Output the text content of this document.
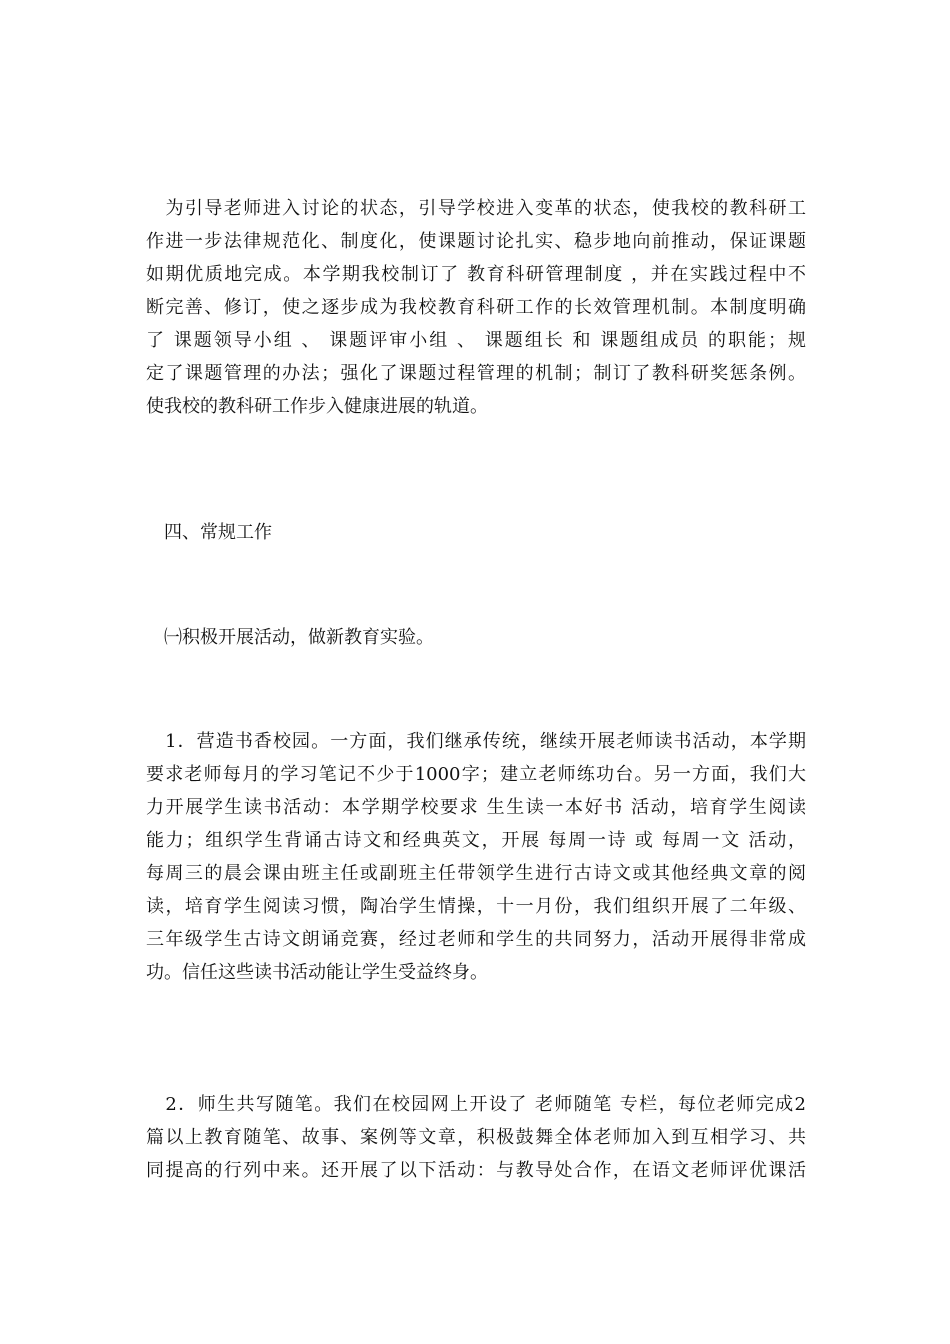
　为引导老师进入讨论的状态，引导学校进入变革的状态，使我校的教科研工
作进一步法律规范化、制度化，使课题讨论扎实、稳步地向前推动，保证课题
如期优质地完成。本学期我校制订了 教育科研管理制度 ，并在实践过程中不
断完善、修订，使之逐步成为我校教育科研工作的长效管理机制。本制度明确
了 课题领导小组 、 课题评审小组 、 课题组长 和 课题组成员 的职能；规
定了课题管理的办法；强化了课题过程管理的机制；制订了教科研奖惩条例。
使我校的教科研工作步入健康进展的轨道。
　四、常规工作
　㈠积极开展活动，做新教育实验。
　1．营造书香校园。一方面，我们继承传统，继续开展老师读书活动，本学期
要求老师每月的学习笔记不少于1000字；建立老师练功台。另一方面，我们大
力开展学生读书活动：本学期学校要求 生生读一本好书 活动，培育学生阅读
能力；组织学生背诵古诗文和经典英文，开展 每周一诗 或 每周一文 活动，
每周三的晨会课由班主任或副班主任带领学生进行古诗文或其他经典文章的阅
读，培育学生阅读习惯，陶冶学生情操，十一月份，我们组织开展了二年级、
三年级学生古诗文朗诵竞赛，经过老师和学生的共同努力，活动开展得非常成
功。信任这些读书活动能让学生受益终身。
　2．师生共写随笔。我们在校园网上开设了 老师随笔 专栏，每位老师完成2
篇以上教育随笔、故事、案例等文章，积极鼓舞全体老师加入到互相学习、共
同提高的行列中来。还开展了以下活动：与教导处合作，在语文老师评优课活
